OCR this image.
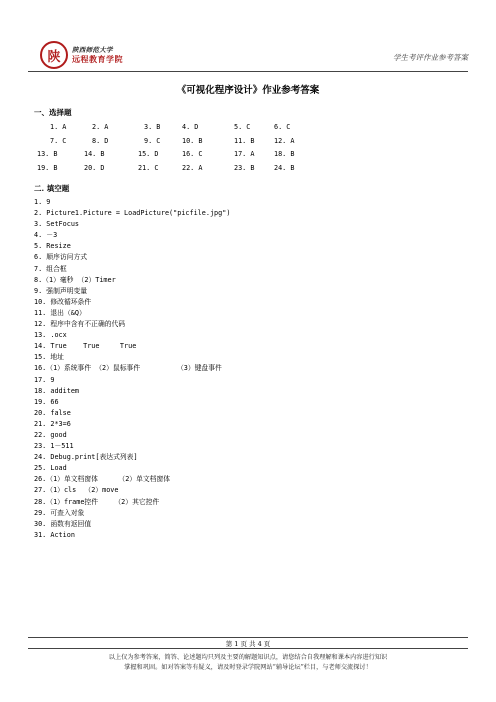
陕	陕西师范大学
远程教育学院	学生考评作业参考答案
《可视化程序设计》作业参考答案
一、选择题
1. A	2. A	3. B	4. D	5. C	6. C
7. C	8. D	9. C	10. B	11. B	12. A
13. B	14. B	15. D	16. C	17. A	18. B
19. B	20. D	21. C	22. A	23. B	24. B
二. 填空题
1. 9
2. Picture1.Picture = LoadPicture("picfile.jpg")
3. SetFocus
4. －3
5. Resize
6. 顺序访问方式
7. 组合框
8.（1）毫秒 （2）Timer
9. 强制声明变量
10. 修改循环条件
11. 退出（&Q）
12. 程序中含有不正确的代码
13. .ocx
14. True    True     True
15. 地址
16.（1）系统事件 （2）鼠标事件         （3）键盘事件
17. 9
18. additem
19. 66
20. false
21. 2*3=6
22. good
23. 1－511
24. Debug.print[表达式列表]
25. Load
26.（1）单文档窗体     （2）单文档窗体
27.（1）cls  （2）move
28.（1）frame控件    （2）其它控件
29. 可查入对象
30. 函数有返回值
31. Action
第 1 页 共 4 页
以上仅为参考答案，简答、论述题均只列及主要的解题知识点，请您结合自我理解和课本内容进行知识
掌握和巩固。如对答案等有疑义，请及时登录学院网站“辅导论坛”栏目，与老师交流探讨！
